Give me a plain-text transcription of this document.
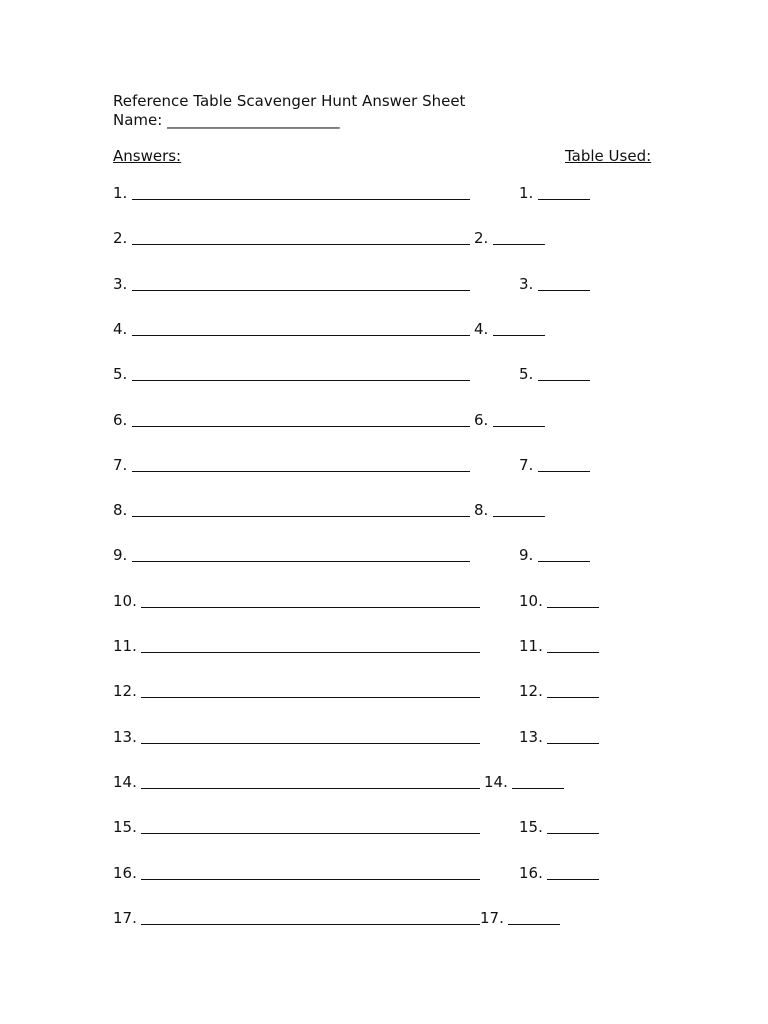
Reference Table Scavenger Hunt Answer Sheet
Name: _______________________
Answers:	Table Used:
1.	1.
2.	2.
3.	3.
4.	4.
5.	5.
6.	6.
7.	7.
8.	8.
9.	9.
10.	10.
11.	11.
12.	12.
13.	13.
14.	14.
15.	15.
16.	16.
17.	17.
